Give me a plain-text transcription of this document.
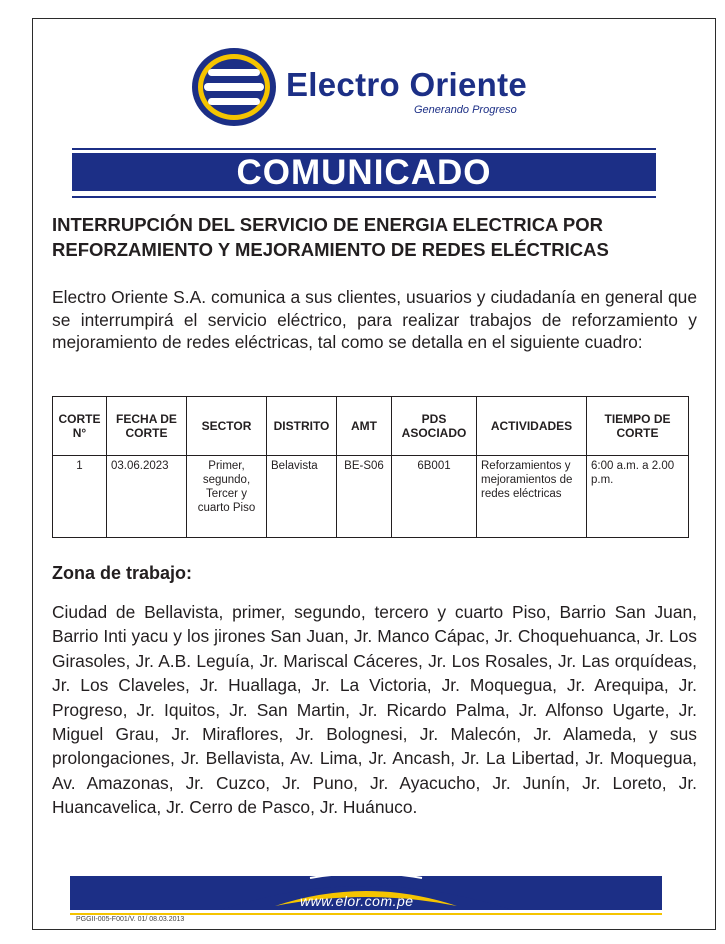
Electro Oriente
Generando Progreso
COMUNICADO
INTERRUPCIÓN DEL SERVICIO DE ENERGIA ELECTRICA POR REFORZAMIENTO Y MEJORAMIENTO DE REDES ELÉCTRICAS

Electro Oriente S.A. comunica a sus clientes, usuarios y ciudadanía en general que se interrumpirá el servicio eléctrico, para realizar trabajos de reforzamiento y mejoramiento de redes eléctricas, tal como se detalla en el siguiente cuadro:

CORTE N°	FECHA DE CORTE	SECTOR	DISTRITO	AMT	PDS ASOCIADO	ACTIVIDADES	TIEMPO DE CORTE
1	03.06.2023	Primer, segundo, Tercer y cuarto Piso	Belavista	BE-S06	6B001	Reforzamientos y mejoramientos de redes eléctricas	6:00 a.m. a 2.00 p.m.
Zona de trabajo:

Ciudad de Bellavista, primer, segundo, tercero y cuarto Piso, Barrio San Juan, Barrio Inti yacu y los jirones San Juan, Jr. Manco Cápac, Jr. Choquehuanca, Jr. Los Girasoles, Jr. A.B. Leguía, Jr. Mariscal Cáceres, Jr. Los Rosales, Jr. Las orquídeas, Jr. Los Claveles, Jr. Huallaga, Jr. La Victoria, Jr. Moquegua, Jr. Arequipa, Jr. Progreso, Jr. Iquitos, Jr. San Martin, Jr. Ricardo Palma, Jr. Alfonso Ugarte, Jr. Miguel Grau, Jr. Miraflores, Jr. Bolognesi, Jr. Malecón, Jr. Alameda, y sus prolongaciones, Jr. Bellavista, Av. Lima, Jr. Ancash, Jr. La Libertad, Jr. Moquegua, Av. Amazonas, Jr. Cuzco, Jr. Puno, Jr. Ayacucho, Jr. Junín, Jr. Loreto, Jr. Huancavelica, Jr. Cerro de Pasco, Jr. Huánuco.

www.elor.com.pe
PGGII-005-F001/V. 01/ 08.03.2013
